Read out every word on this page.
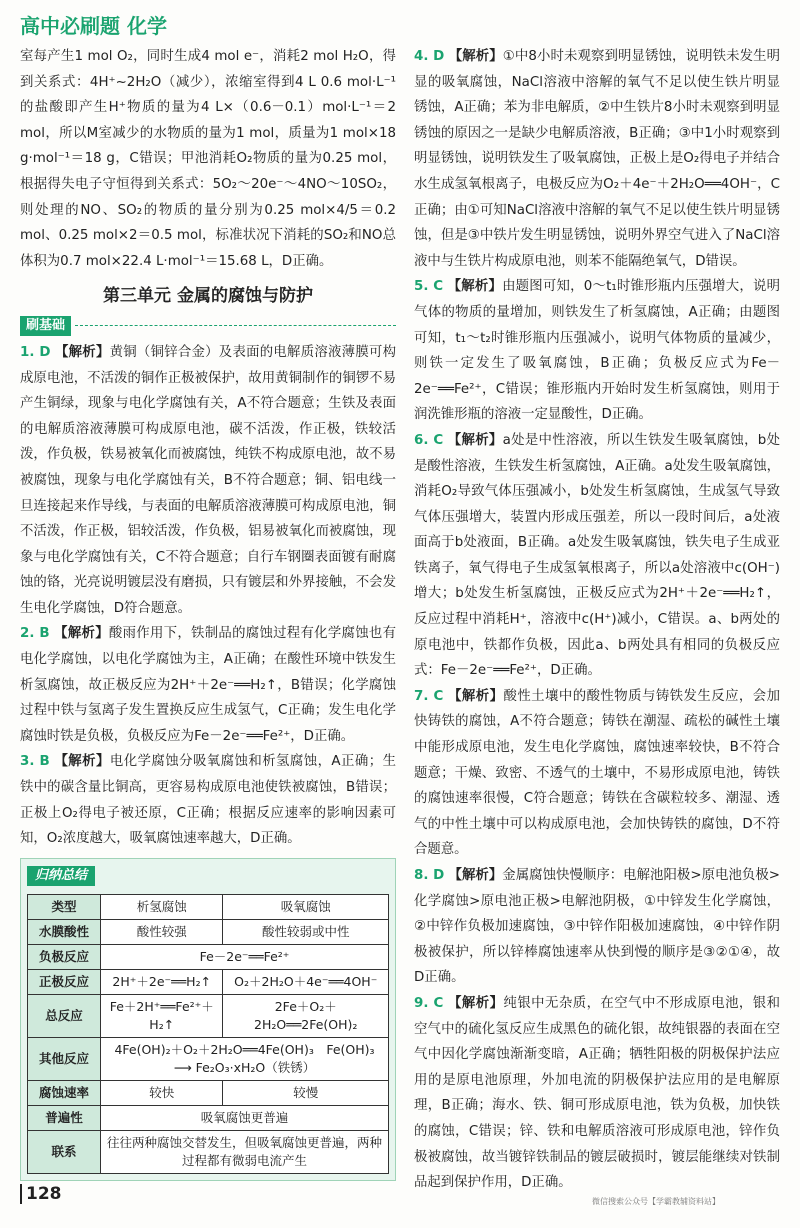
高中必刷题 化学

室每产生1 mol O₂，同时生成4 mol e⁻，消耗2 mol H₂O，得到关系式：4H⁺~2H₂O（减少），浓缩室得到4 L 0.6 mol·L⁻¹的盐酸即产生H⁺物质的量为4 L×（0.6－0.1）mol·L⁻¹＝2 mol，所以M室减少的水物质的量为1 mol，质量为1 mol×18 g·mol⁻¹＝18 g，C错误；甲池消耗O₂物质的量为0.25 mol，根据得失电子守恒得到关系式：5O₂～20e⁻～4NO～10SO₂，则处理的NO、SO₂的物质的量分别为0.25 mol×4/5＝0.2 mol、0.25 mol×2＝0.5 mol，标准状况下消耗的SO₂和NO总体积为0.7 mol×22.4 L·mol⁻¹＝15.68 L，D正确。

第三单元 金属的腐蚀与防护
刷基础

1. D 【解析】黄铜（铜锌合金）及表面的电解质溶液薄膜可构成原电池，不活泼的铜作正极被保护，故用黄铜制作的铜锣不易产生铜绿，现象与电化学腐蚀有关，A不符合题意；生铁及表面的电解质溶液薄膜可构成原电池，碳不活泼，作正极，铁较活泼，作负极，铁易被氧化而被腐蚀，纯铁不构成原电池，故不易被腐蚀，现象与电化学腐蚀有关，B不符合题意；铜、铝电线一旦连接起来作导线，与表面的电解质溶液薄膜可构成原电池，铜不活泼，作正极，铝较活泼，作负极，铝易被氧化而被腐蚀，现象与电化学腐蚀有关，C不符合题意；自行车钢圈表面镀有耐腐蚀的铬，光亮说明镀层没有磨损，只有镀层和外界接触，不会发生电化学腐蚀，D符合题意。

2. B 【解析】酸雨作用下，铁制品的腐蚀过程有化学腐蚀也有电化学腐蚀，以电化学腐蚀为主，A正确；在酸性环境中铁发生析氢腐蚀，故正极反应为2H⁺＋2e⁻══H₂↑，B错误；化学腐蚀过程中铁与氢离子发生置换反应生成氢气，C正确；发生电化学腐蚀时铁是负极，负极反应为Fe－2e⁻══Fe²⁺，D正确。

3. B 【解析】电化学腐蚀分吸氧腐蚀和析氢腐蚀，A正确；生铁中的碳含量比铜高，更容易构成原电池使铁被腐蚀，B错误；正极上O₂得电子被还原，C正确；根据反应速率的影响因素可知，O₂浓度越大，吸氧腐蚀速率越大，D正确。

归纳总结
类型	析氢腐蚀	吸氧腐蚀
水膜酸性	酸性较强	酸性较弱或中性
负极反应	Fe－2e⁻══Fe²⁺	
正极反应	2H⁺＋2e⁻══H₂↑	O₂＋2H₂O＋4e⁻══4OH⁻
总反应	Fe＋2H⁺══Fe²⁺＋H₂↑	2Fe＋O₂＋2H₂O══2Fe(OH)₂
其他反应	4Fe(OH)₂＋O₂＋2H₂O══4Fe(OH)₃　Fe(OH)₃ ⟶ Fe₂O₃·xH₂O（铁锈）	
腐蚀速率	较快	较慢
普遍性	吸氧腐蚀更普遍	
联系	往往两种腐蚀交替发生，但吸氧腐蚀更普遍，两种过程都有微弱电流产生	

4. D 【解析】①中8小时未观察到明显锈蚀，说明铁未发生明显的吸氧腐蚀，NaCl溶液中溶解的氧气不足以使生铁片明显锈蚀，A正确；苯为非电解质，②中生铁片8小时未观察到明显锈蚀的原因之一是缺少电解质溶液，B正确；③中1小时观察到明显锈蚀，说明铁发生了吸氧腐蚀，正极上是O₂得电子并结合水生成氢氧根离子，电极反应为O₂＋4e⁻＋2H₂O══4OH⁻，C正确；由①可知NaCl溶液中溶解的氧气不足以使生铁片明显锈蚀，但是③中铁片发生明显锈蚀，说明外界空气进入了NaCl溶液中与生铁片构成原电池，则苯不能隔绝氧气，D错误。

5. C 【解析】由题图可知，0～t₁时锥形瓶内压强增大，说明气体的物质的量增加，则铁发生了析氢腐蚀，A正确；由题图可知，t₁～t₂时锥形瓶内压强减小，说明气体物质的量减少，则铁一定发生了吸氧腐蚀，B正确；负极反应式为Fe－2e⁻══Fe²⁺，C错误；锥形瓶内开始时发生析氢腐蚀，则用于润洗锥形瓶的溶液一定显酸性，D正确。

6. C 【解析】a处是中性溶液，所以生铁发生吸氧腐蚀，b处是酸性溶液，生铁发生析氢腐蚀，A正确。a处发生吸氧腐蚀，消耗O₂导致气体压强减小，b处发生析氢腐蚀，生成氢气导致气体压强增大，装置内形成压强差，所以一段时间后，a处液面高于b处液面，B正确。a处发生吸氧腐蚀，铁失电子生成亚铁离子，氧气得电子生成氢氧根离子，所以a处溶液中c(OH⁻)增大；b处发生析氢腐蚀，正极反应式为2H⁺＋2e⁻══H₂↑，反应过程中消耗H⁺，溶液中c(H⁺)减小，C错误。a、b两处的原电池中，铁都作负极，因此a、b两处具有相同的负极反应式：Fe－2e⁻══Fe²⁺，D正确。

7. C 【解析】酸性土壤中的酸性物质与铸铁发生反应，会加快铸铁的腐蚀，A不符合题意；铸铁在潮湿、疏松的碱性土壤中能形成原电池，发生电化学腐蚀，腐蚀速率较快，B不符合题意；干燥、致密、不透气的土壤中，不易形成原电池，铸铁的腐蚀速率很慢，C符合题意；铸铁在含碳粒较多、潮湿、透气的中性土壤中可以构成原电池，会加快铸铁的腐蚀，D不符合题意。

8. D 【解析】金属腐蚀快慢顺序：电解池阳极>原电池负极>化学腐蚀>原电池正极>电解池阴极，①中锌发生化学腐蚀，②中锌作负极加速腐蚀，③中锌作阳极加速腐蚀，④中锌作阴极被保护，所以锌棒腐蚀速率从快到慢的顺序是③②①④，故D正确。

9. C 【解析】纯银中无杂质，在空气中不形成原电池，银和空气中的硫化氢反应生成黑色的硫化银，故纯银器的表面在空气中因化学腐蚀渐渐变暗，A正确；牺牲阳极的阴极保护法应用的是原电池原理，外加电流的阴极保护法应用的是电解原理，B正确；海水、铁、铜可形成原电池，铁为负极，加快铁的腐蚀，C错误；锌、铁和电解质溶液可形成原电池，锌作负极被腐蚀，故当镀锌铁制品的镀层破损时，镀层能继续对铁制品起到保护作用，D正确。

128	微信搜索公众号【学霸教辅资料站】
